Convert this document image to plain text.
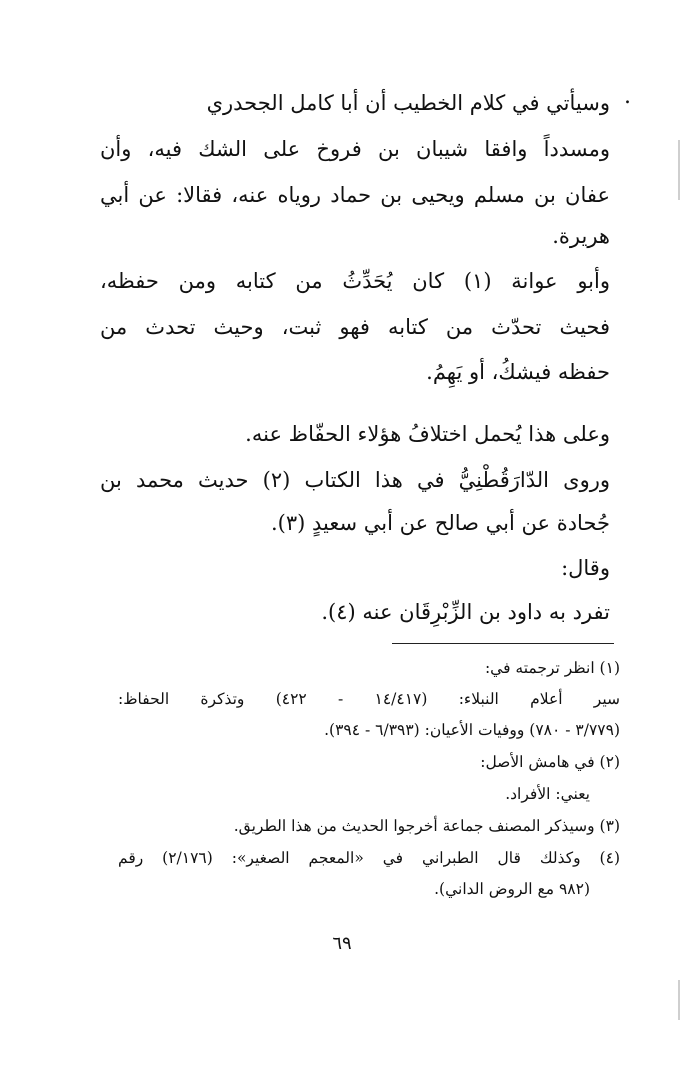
.
وسيأتي في كلام الخطيب أن أبا كامل الجحدري
ومسدداً وافقا شيبان بن فروخ على الشك فيه، وأن
عفان بن مسلم ويحيى بن حماد روياه عنه، فقالا: عن أبي
هريرة.
وأبو عوانة (١) كان يُحَدِّثُ من كتابه ومن حفظه،
فحيث تحدّث من كتابه فهو ثبت، وحيث تحدث من
حفظه فيشكُ، أو يَهِمُ.
وعلى هذا يُحمل اختلافُ هؤلاء الحفّاظ عنه.
وروى الدّارَقُطْنِيُّ في هذا الكتاب (٢) حديث محمد بن
جُحادة عن أبي صالح عن أبي سعيدٍ (٣).
وقال:
تفرد به داود بن الزِّبْرِقَان عنه (٤).
(١) انظر ترجمته في:
سير أعلام النبلاء: (١٤/٤١٧ - ٤٢٢) وتذكرة الحفاظ:
(٣/٧٧٩ - ٧٨٠) ووفيات الأعيان: (٦/٣٩٣ - ٣٩٤).
(٢) في هامش الأصل:
يعني: الأفراد.
(٣) وسيذكر المصنف جماعة أخرجوا الحديث من هذا الطريق.
(٤) وكذلك قال الطبراني في «المعجم الصغير»: (٢/١٧٦) رقم
(٩٨٢ مع الروض الداني).
٦٩
